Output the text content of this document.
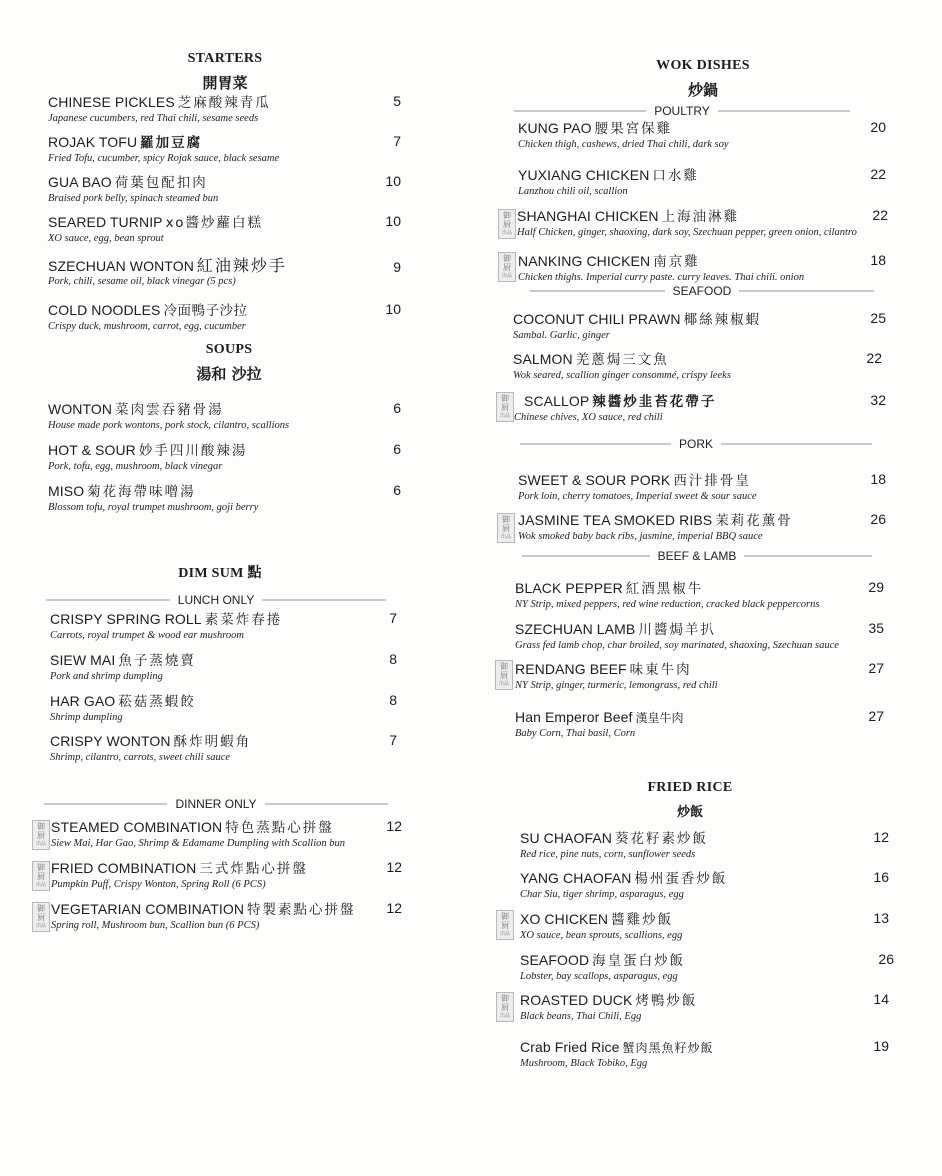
STARTERS
開胃菜
CHINESE PICKLES 芝麻酸辣青瓜
Japanese cucumbers, red Thai chili, sesame seeds
5
ROJAK TOFU 羅加豆腐
Fried Tofu, cucumber, spicy Rojak sauce, black sesame
7
GUA BAO 荷葉包配扣肉
Braised pork belly, spinach steamed bun
10
SEARED TURNIP xo醬炒蘿白糕
XO sauce, egg, bean sprout
10
SZECHUAN WONTON 紅油辣炒手
Pork, chili, sesame oil, black vinegar (5 pcs)
9
COLD NOODLES 冷面鴨子沙拉
Crispy duck, mushroom, carrot, egg, cucumber
10
SOUPS
湯和 沙拉
WONTON 菜肉雲吞豬骨湯
House made pork wontons, pork stock, cilantro, scallions
6
HOT & SOUR 妙手四川酸辣湯
Pork, tofu, egg, mushroom, black vinegar
6
MISO 菊花海帶味噌湯
Blossom tofu, royal trumpet mushroom, goji berry
6
DIM SUM 點
LUNCH ONLY
CRISPY SPRING ROLL 素菜炸春捲
Carrots, royal trumpet & wood ear mushroom
7
SIEW MAI 魚子蒸燒賣
Pork and shrimp dumpling
8
HAR GAO 菘菇蒸蝦餃
Shrimp dumpling
8
CRISPY WONTON 酥炸明蝦角
Shrimp, cilantro, carrots, sweet chili sauce
7
DINNER ONLY
御
厨
出品
STEAMED COMBINATION 特色蒸點心拼盤
Siew Mai, Har Gao, Shrimp & Edamame Dumpling with Scallion bun
12
御
厨
出品
FRIED COMBINATION 三式炸點心拼盤
Pumpkin Puff, Crispy Wonton, Spring Roll (6 PCS)
12
御
厨
出品
VEGETARIAN COMBINATION 特製素點心拼盤
Spring roll, Mushroom bun, Scallion bun (6 PCS)
12
WOK DISHES
炒鍋
POULTRY
KUNG PAO 腰果宮保雞
Chicken thigh, cashews, dried Thai chili, dark soy
20
YUXIANG CHICKEN 口水雞
Lanzhou chili oil, scallion
22
御
厨
出品
SHANGHAI CHICKEN 上海油淋雞
Half Chicken, ginger, shaoxing, dark soy, Szechuan pepper, green onion, cilantro
22
御
厨
出品
NANKING CHICKEN 南京雞
Chicken thighs. Imperial curry paste. curry leaves. Thai chili. onion
18
SEAFOOD
COCONUT CHILI PRAWN 椰絲辣椒蝦
Sambal. Garlic, ginger
25
SALMON 羌蔥焗三文魚
Wok seared, scallion ginger consommé, crispy leeks
22
御
厨
出品
SCALLOP 辣醬炒韭苔花帶子
Chinese chives, XO sauce, red chili
32
PORK
SWEET & SOUR PORK 西汁排骨皇
Pork loin, cherry tomatoes, Imperial sweet & sour sauce
18
御
厨
出品
JASMINE TEA SMOKED RIBS 茉莉花薰骨
Wok smoked baby back ribs, jasmine, imperial BBQ sauce
26
BEEF & LAMB
BLACK PEPPER 紅酒黑椒牛
NY Strip, mixed peppers, red wine reduction, cracked black peppercorns
29
SZECHUAN LAMB 川醬焗羊扒
Grass fed lamb chop, char broiled, soy marinated, shaoxing, Szechuan sauce
35
御
厨
出品
RENDANG BEEF 味東牛肉
NY Strip, ginger, turmeric, lemongrass, red chili
27
Han Emperor Beef 漢皇牛肉
Baby Corn, Thai basil, Corn
27
FRIED RICE
炒飯
SU CHAOFAN 葵花籽素炒飯
Red rice, pine nuts, corn, sunflower seeds
12
YANG CHAOFAN 楊州蛋香炒飯
Char Siu, tiger shrimp, asparagus, egg
16
御
厨
出品
XO CHICKEN 醬雞炒飯
XO sauce, bean sprouts, scallions, egg
13
SEAFOOD 海皇蛋白炒飯
Lobster, bay scallops, asparagus, egg
26
御
厨
出品
ROASTED DUCK 烤鴨炒飯
Black beans, Thai Chili, Egg
14
Crab Fried Rice 蟹肉黑魚籽炒飯
Mushroom, Black Tobiko, Egg
19
